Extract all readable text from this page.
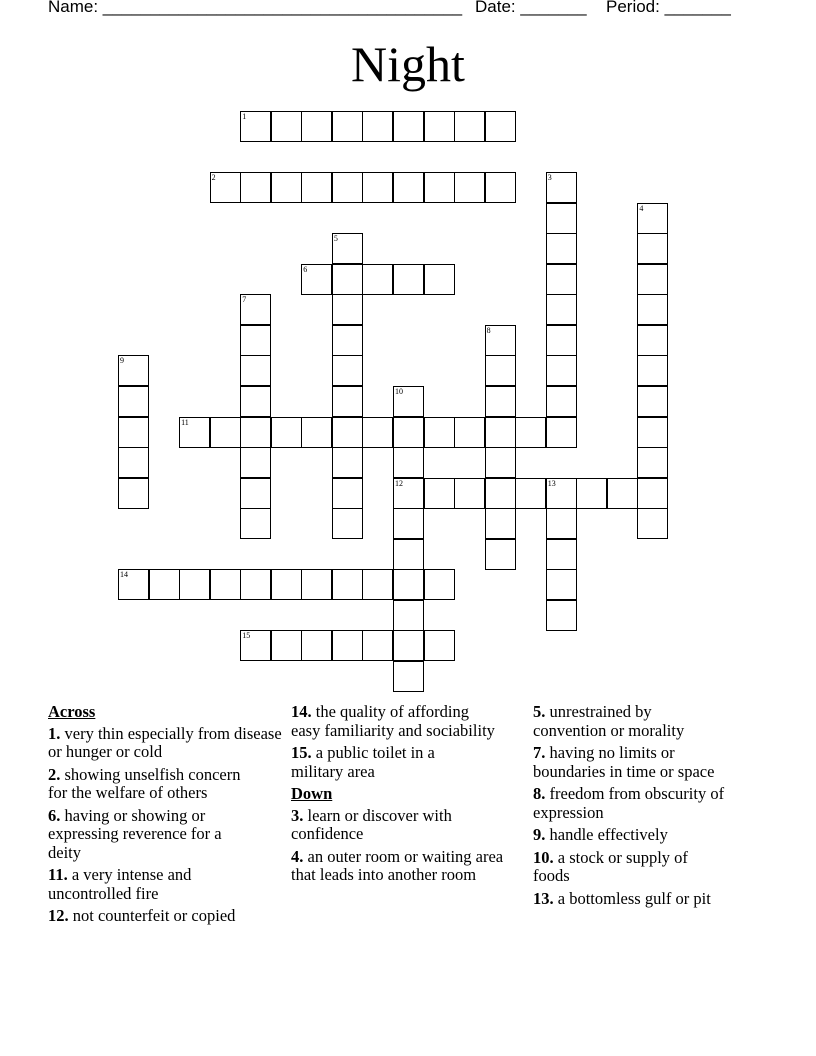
Name: ______________________________________ Date: _______ Period: _______
Night
1
2	3
4
5
6
7
8
9
10
12
11
13
14
15
Across
1. very thin especially from disease or hunger or cold
2. showing unselfish concern for the welfare of others
6. having or showing or expressing reverence for a deity
11. a very intense and uncontrolled fire
12. not counterfeit or copied
14. the quality of affording easy familiarity and sociability
15. a public toilet in a military area
Down
3. learn or discover with confidence
4. an outer room or waiting area that leads into another room
5. unrestrained by convention or morality
7. having no limits or boundaries in time or space
8. freedom from obscurity of expression
9. handle effectively
10. a stock or supply of foods
13. a bottomless gulf or pit
